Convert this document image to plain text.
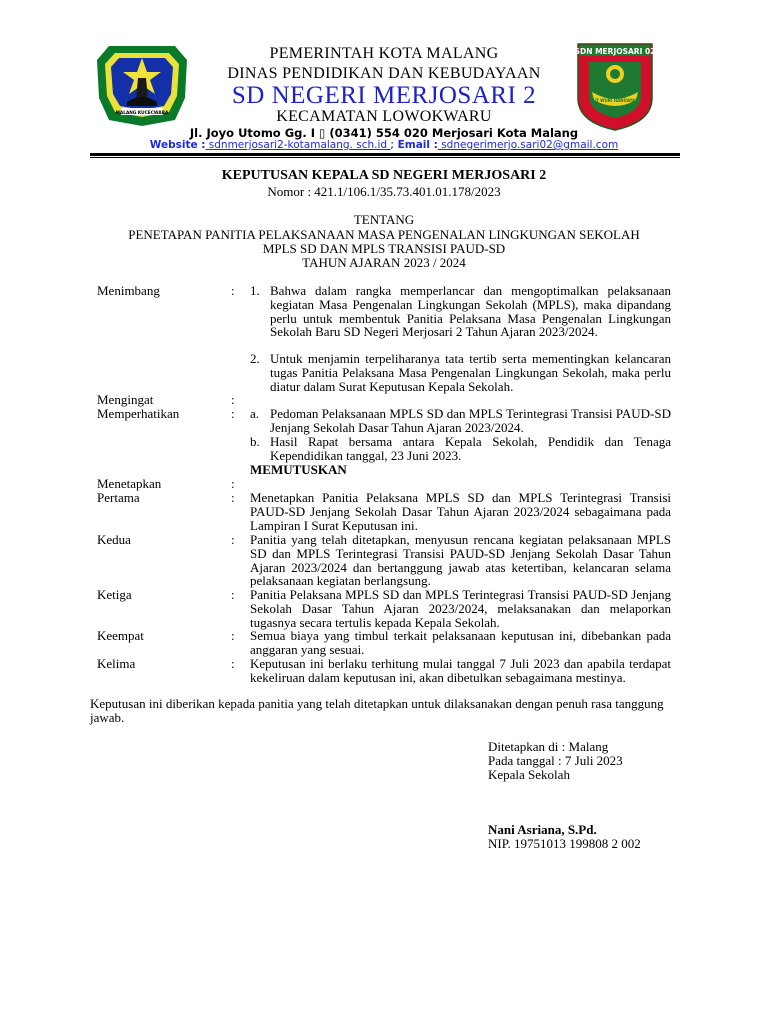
MALANG KUCECWARA
SDN MERJOSARI 02
TUT WURI HANDAYANI
PEMERINTAH KOTA MALANG
DINAS PENDIDIKAN DAN KEBUDAYAAN
SD NEGERI MERJOSARI 2
KECAMATAN LOWOKWARU
Jl. Joyo Utomo Gg. I ▯ (0341) 554 020 Merjosari Kota Malang
Website : sdnmerjosari2-kotamalang. sch.id ; Email : sdnegerimerjo.sari02@gmail.com
KEPUTUSAN KEPALA SD NEGERI MERJOSARI 2
Nomor : 421.1/106.1/35.73.401.01.178/2023
TENTANG
PENETAPAN PANITIA PELAKSANAAN MASA PENGENALAN LINGKUNGAN SEKOLAH
MPLS SD DAN MPLS TRANSISI PAUD-SD
TAHUN AJARAN 2023 / 2024
Menimbang	: 1. Bahwa dalam rangka memperlancar dan mengoptimalkan pelaksanaan kegiatan Masa Pengenalan Lingkungan Sekolah (MPLS), maka dipandang perlu untuk membentuk Panitia Pelaksana Masa Pengenalan Lingkungan Sekolah Baru SD Negeri Merjosari 2 Tahun Ajaran 2023/2024.
2. Untuk menjamin terpeliharanya tata tertib serta mementingkan kelancaran tugas Panitia Pelaksana Masa Pengenalan Lingkungan Sekolah, maka perlu diatur dalam Surat Keputusan Kepala Sekolah.
Mengingat	:
Memperhatikan	: a. Pedoman Pelaksanaan MPLS SD dan MPLS Terintegrasi Transisi PAUD-SD Jenjang Sekolah Dasar Tahun Ajaran 2023/2024.
b. Hasil Rapat bersama antara Kepala Sekolah, Pendidik dan Tenaga Kependidikan tanggal, 23 Juni 2023.
MEMUTUSKAN
Menetapkan	:
Pertama	: Menetapkan Panitia Pelaksana MPLS SD dan MPLS Terintegrasi Transisi PAUD-SD Jenjang Sekolah Dasar Tahun Ajaran 2023/2024 sebagaimana pada Lampiran I Surat Keputusan ini.
Kedua	: Panitia yang telah ditetapkan, menyusun rencana kegiatan pelaksanaan MPLS SD dan MPLS Terintegrasi Transisi PAUD-SD Jenjang Sekolah Dasar Tahun Ajaran 2023/2024 dan bertanggung jawab atas ketertiban, kelancaran selama pelaksanaan kegiatan berlangsung.
Ketiga	: Panitia Pelaksana MPLS SD dan MPLS Terintegrasi Transisi PAUD-SD Jenjang Sekolah Dasar Tahun Ajaran 2023/2024, melaksanakan dan melaporkan tugasnya secara tertulis kepada Kepala Sekolah.
Keempat	: Semua biaya yang timbul terkait pelaksanaan keputusan ini, dibebankan pada anggaran yang sesuai.
Kelima	: Keputusan ini berlaku terhitung mulai tanggal 7 Juli 2023 dan apabila terdapat kekeliruan dalam keputusan ini, akan dibetulkan sebagaimana mestinya.
Keputusan ini diberikan kepada panitia yang telah ditetapkan untuk dilaksanakan dengan penuh rasa tanggung jawab.
Ditetapkan di : Malang
Pada tanggal : 7 Juli 2023
Kepala Sekolah
Nani Asriana, S.Pd.
NIP. 19751013 199808 2 002
